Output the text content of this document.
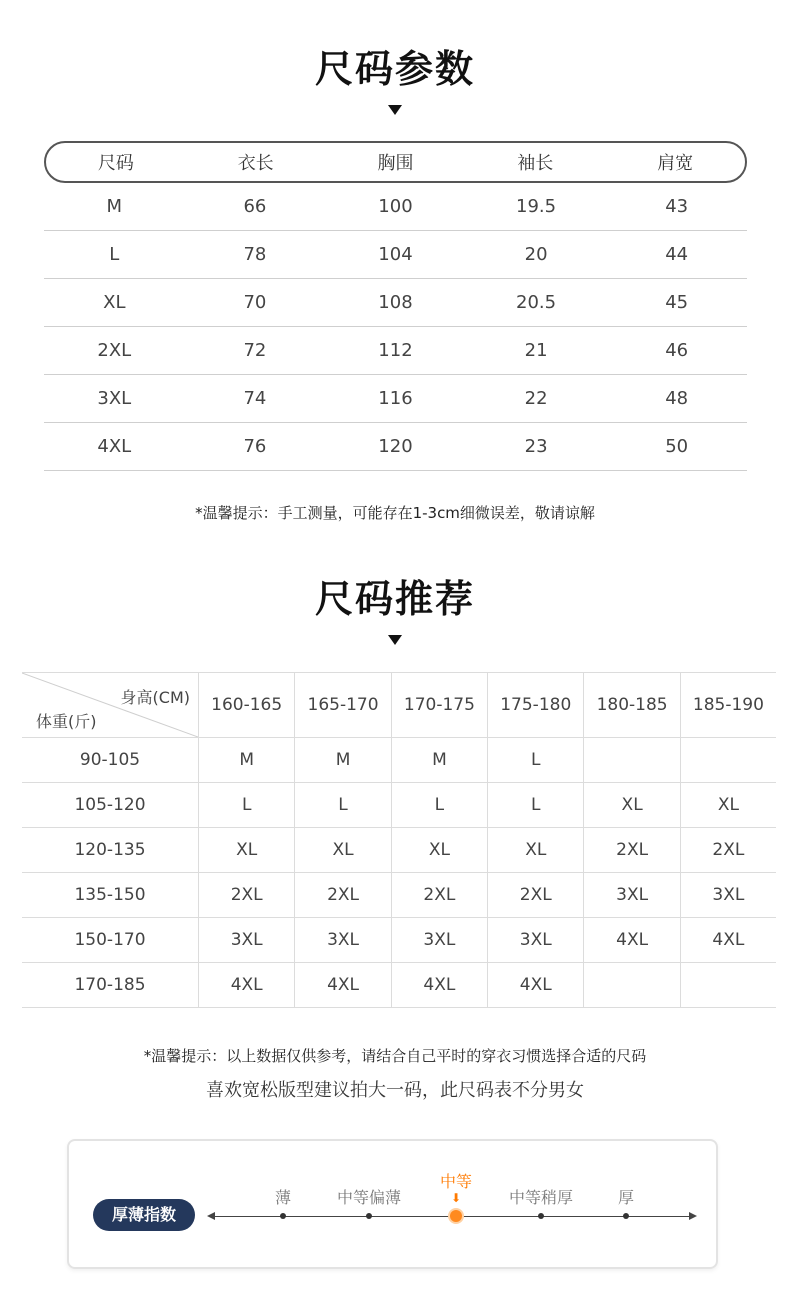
尺码参数
尺码	衣长	胸围	袖长	肩宽
M	66	100	19.5	43
L	78	104	20	44
XL	70	108	20.5	45
2XL	72	112	21	46
3XL	74	116	22	48
4XL	76	120	23	50
*温馨提示：手工测量，可能存在1-3cm细微误差，敬请谅解
尺码推荐
身高(CM)
体重(斤)	160-165	165-170	170-175	175-180	180-185	185-190
90-105	M	M	M	L		
105-120	L	L	L	L	XL	XL
120-135	XL	XL	XL	XL	2XL	2XL
135-150	2XL	2XL	2XL	2XL	3XL	3XL
150-170	3XL	3XL	3XL	3XL	4XL	4XL
170-185	4XL	4XL	4XL	4XL		
*温馨提示：以上数据仅供参考，请结合自己平时的穿衣习惯选择合适的尺码
喜欢宽松版型建议拍大一码，此尺码表不分男女
厚薄指数
薄	中等偏薄
中等
⬇	中等稍厚	厚
